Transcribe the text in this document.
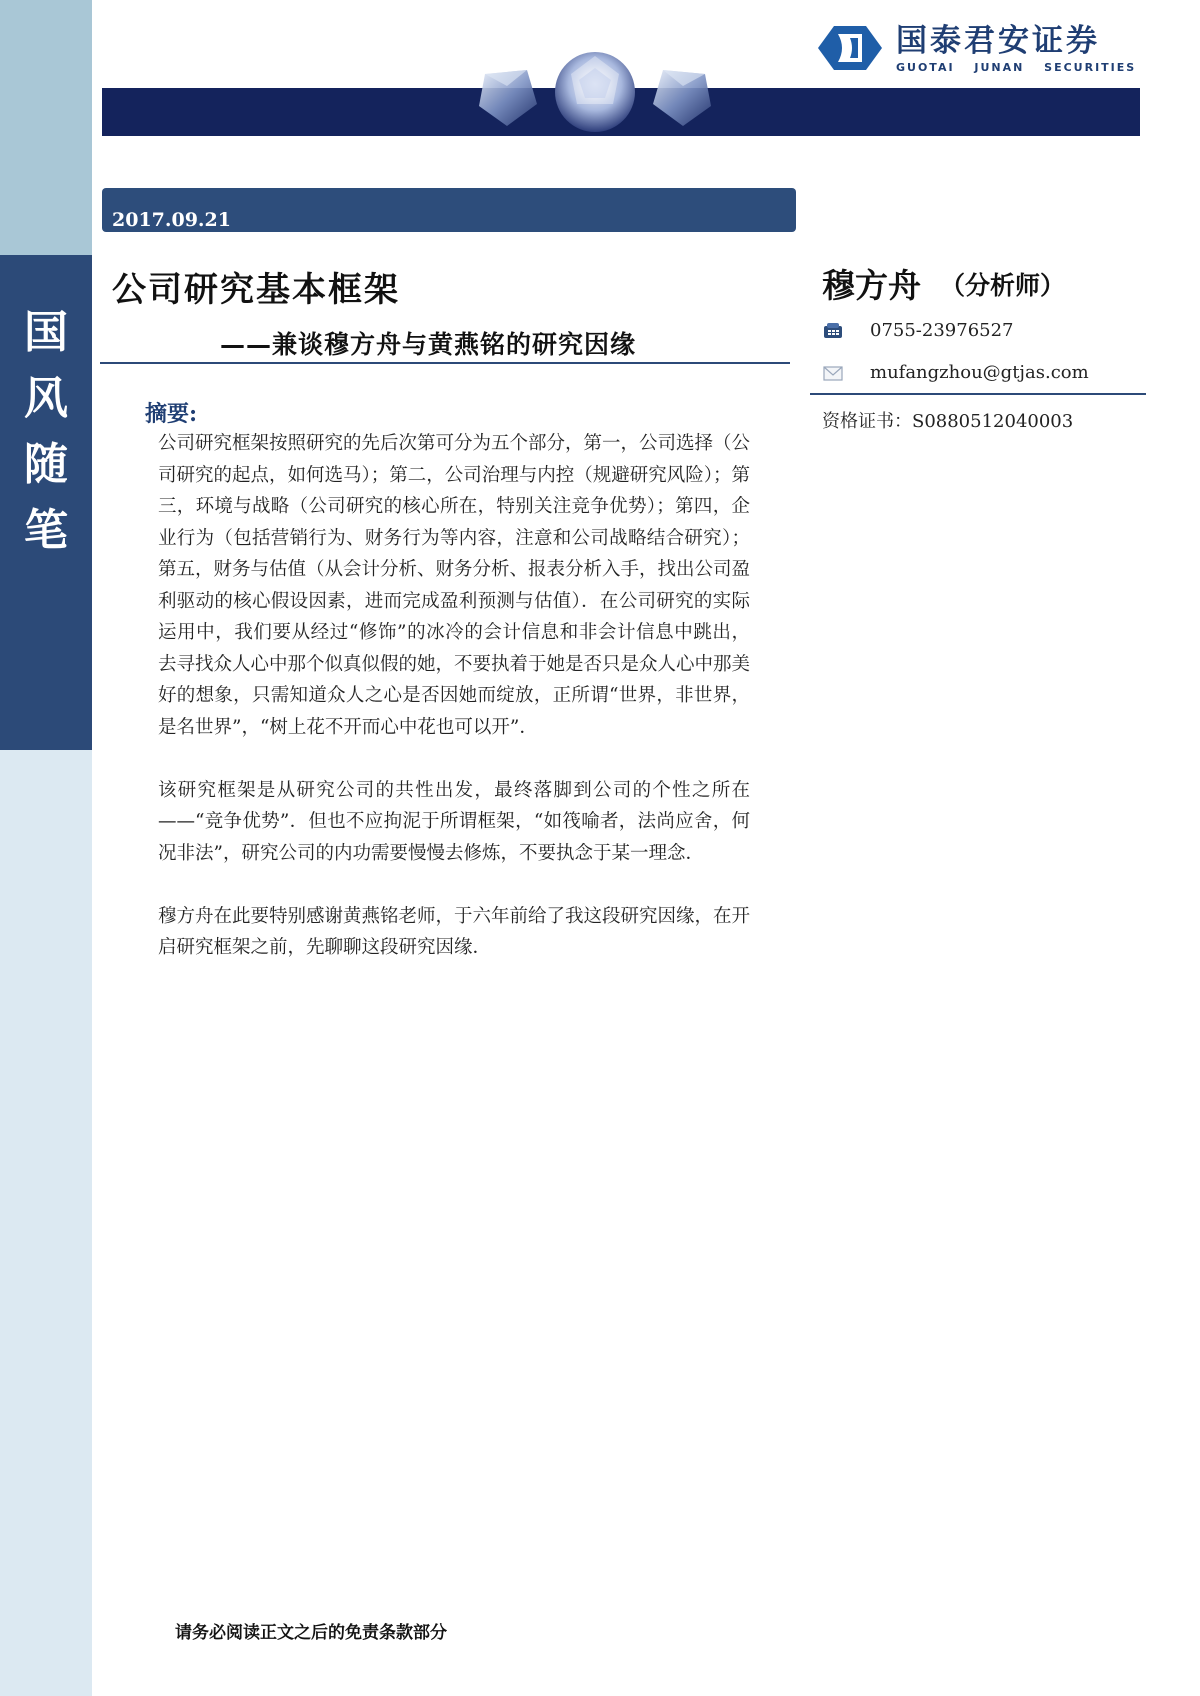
国
风
随
笔
国泰君安证券
GUOTAI JUNAN SECURITIES
2017.09.21
公司研究基本框架
——兼谈穆方舟与黄燕铭的研究因缘
摘要:

公司研究框架按照研究的先后次第可分为五个部分，第一，公司选择（公司研究的起点，如何选马）；第二，公司治理与内控（规避研究风险）；第三，环境与战略（公司研究的核心所在，特别关注竞争优势）；第四，企业行为（包括营销行为、财务行为等内容，注意和公司战略结合研究）；第五，财务与估值（从会计分析、财务分析、报表分析入手，找出公司盈利驱动的核心假设因素，进而完成盈利预测与估值）．在公司研究的实际运用中，我们要从经过“修饰”的冰冷的会计信息和非会计信息中跳出，去寻找众人心中那个似真似假的她，不要执着于她是否只是众人心中那美好的想象，只需知道众人之心是否因她而绽放，正所谓“世界，非世界，是名世界”，“树上花不开而心中花也可以开”．

该研究框架是从研究公司的共性出发，最终落脚到公司的个性之所在——“竞争优势”．但也不应拘泥于所谓框架，“如筏喻者，法尚应舍，何况非法”，研究公司的内功需要慢慢去修炼，不要执念于某一理念．

穆方舟在此要特别感谢黄燕铭老师，于六年前给了我这段研究因缘，在开启研究框架之前，先聊聊这段研究因缘．

穆方舟 （分析师）
0755-23976527
mufangzhou@gtjas.com
资格证书：S0880512040003
请务必阅读正文之后的免责条款部分
